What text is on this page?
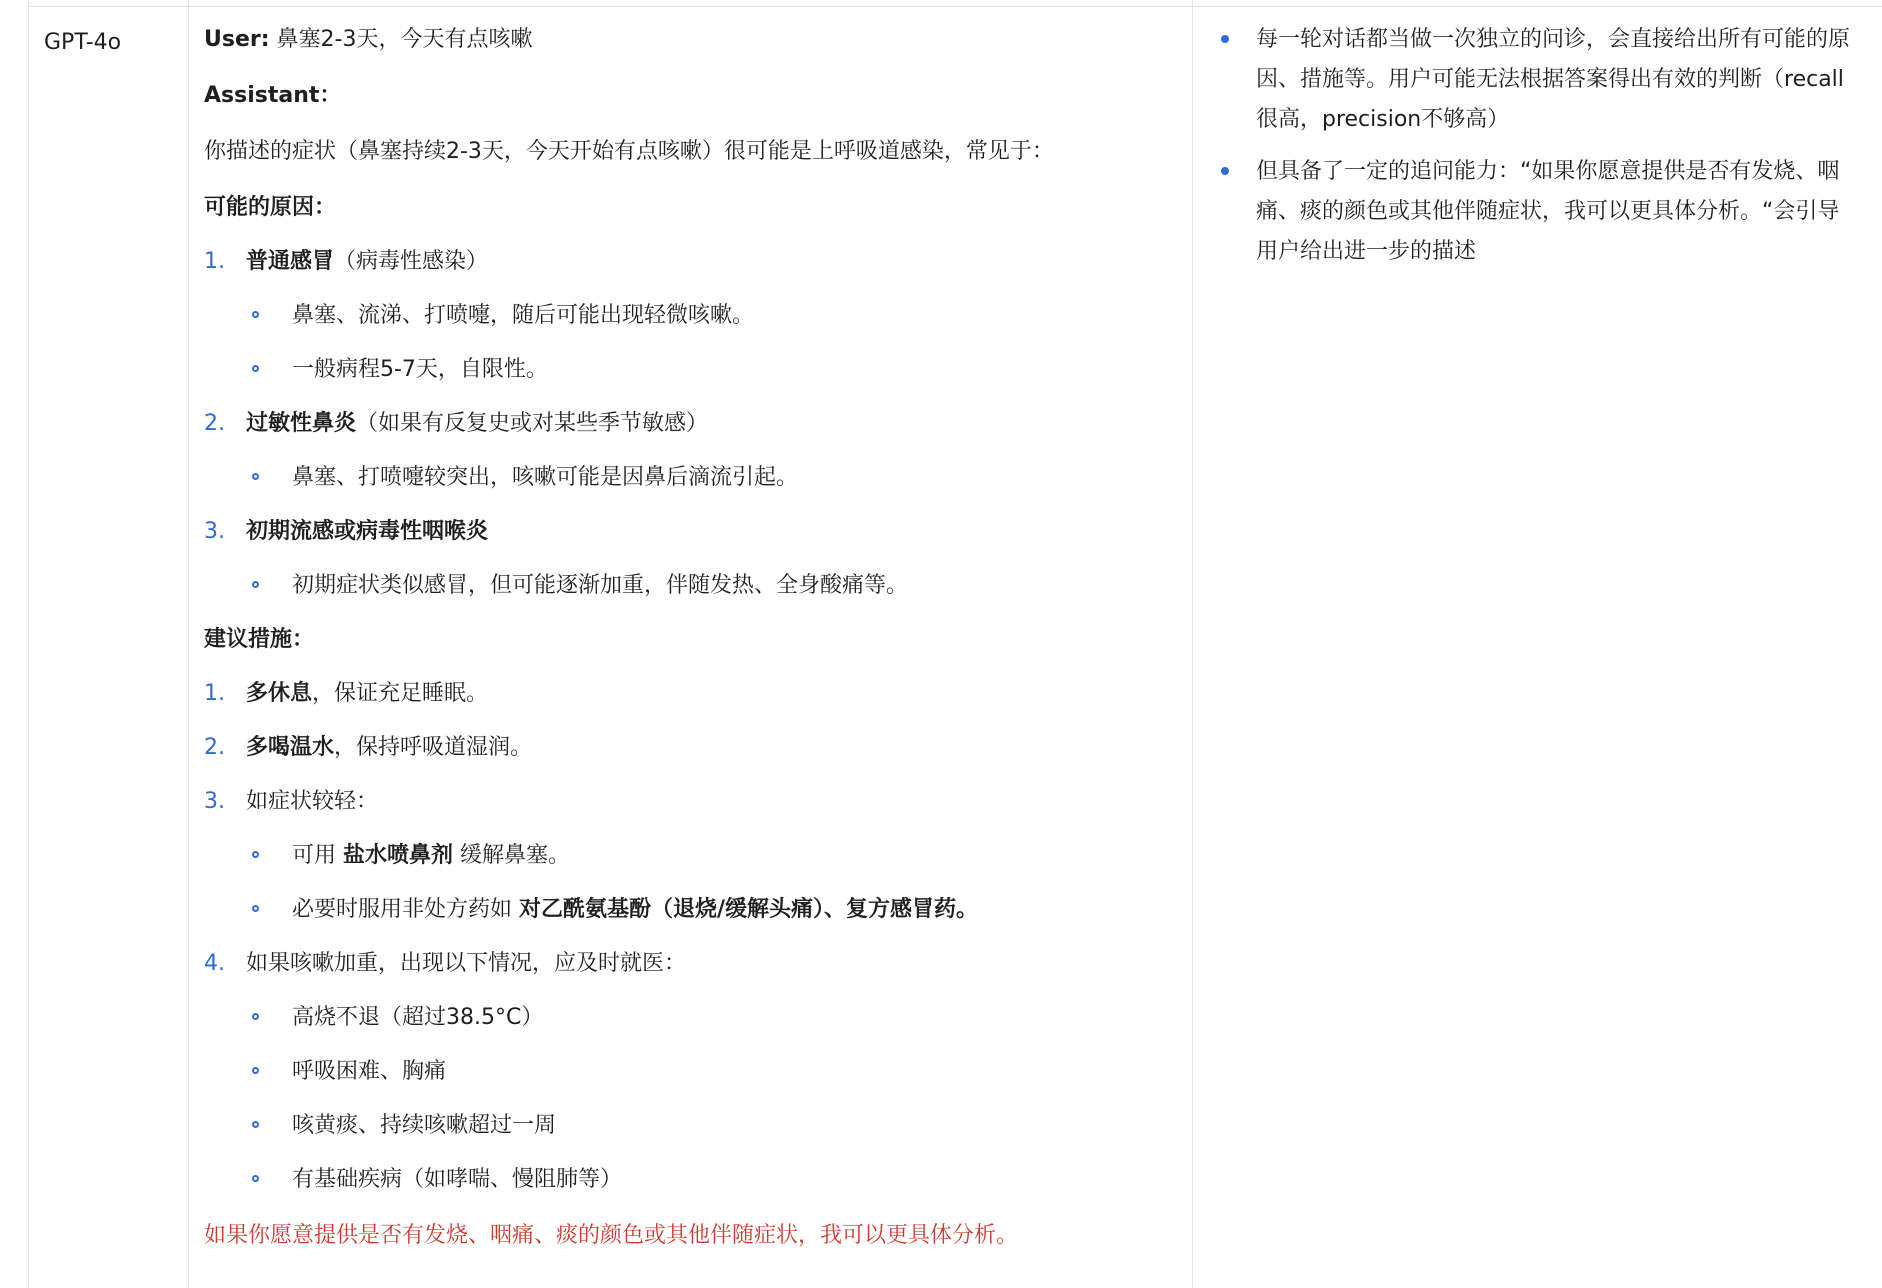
GPT-4o	User: 鼻塞2-3天，今天有点咳嗽
Assistant：
你描述的症状（鼻塞持续2-3天，今天开始有点咳嗽）很可能是上呼吸道感染，常见于：
可能的原因：
1. 普通感冒（病毒性感染）
鼻塞、流涕、打喷嚏，随后可能出现轻微咳嗽。
一般病程5-7天，自限性。
2. 过敏性鼻炎（如果有反复史或对某些季节敏感）
鼻塞、打喷嚏较突出，咳嗽可能是因鼻后滴流引起。
3. 初期流感或病毒性咽喉炎
初期症状类似感冒，但可能逐渐加重，伴随发热、全身酸痛等。
建议措施：
1. 多休息，保证充足睡眠。
2. 多喝温水，保持呼吸道湿润。
3. 如症状较轻：
可用 盐水喷鼻剂 缓解鼻塞。
必要时服用非处方药如 对乙酰氨基酚（退烧/缓解头痛）、复方感冒药。
4. 如果咳嗽加重，出现以下情况，应及时就医：
高烧不退（超过38.5°C）
呼吸困难、胸痛
咳黄痰、持续咳嗽超过一周
有基础疾病（如哮喘、慢阻肺等）
如果你愿意提供是否有发烧、咽痛、痰的颜色或其他伴随症状，我可以更具体分析。
每一轮对话都当做一次独立的问诊，会直接给出所有可能的原因、措施等。用户可能无法根据答案得出有效的判断（recall很高，precision不够高）
但具备了一定的追问能力：“如果你愿意提供是否有发烧、咽痛、痰的颜色或其他伴随症状，我可以更具体分析。“会引导用户给出进一步的描述
